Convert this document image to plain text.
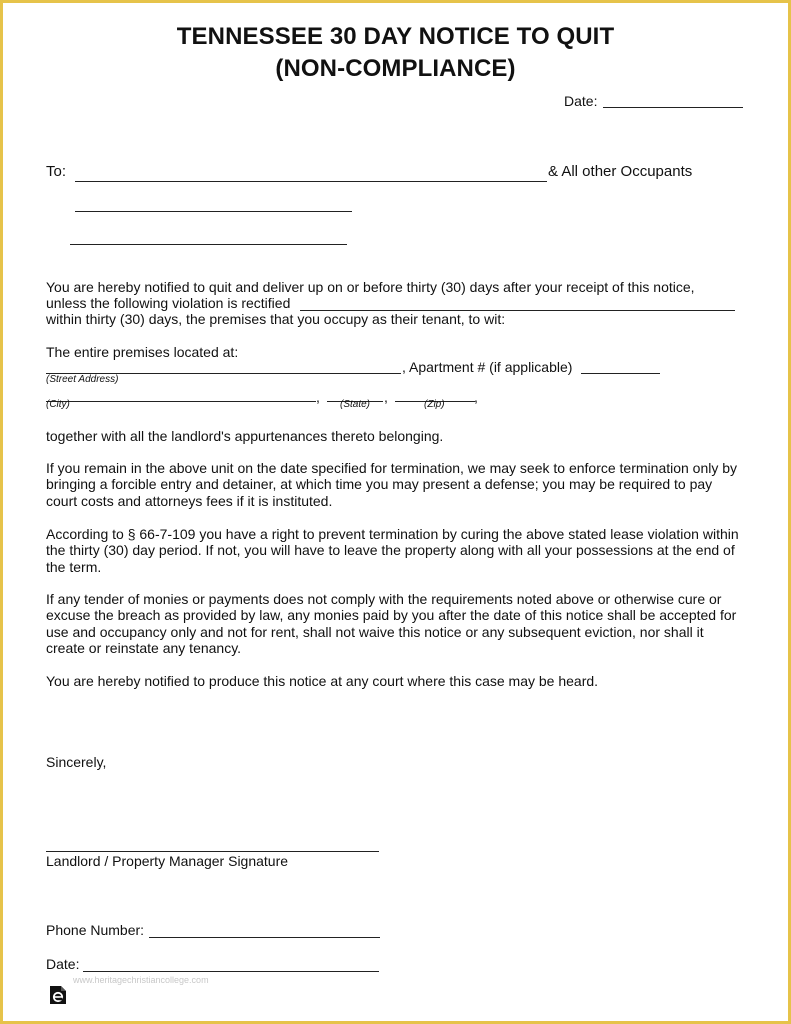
TENNESSEE 30 DAY NOTICE TO QUIT
(NON-COMPLIANCE)
Date:
To:	& All other Occupants
You are hereby notified to quit and deliver up on or before thirty (30) days after your receipt of this notice,
unless the following violation is rectified
within thirty (30) days, the premises that you occupy as their tenant, to wit:
The entire premises located at:
, Apartment # (if applicable)
(Street Address)
(City)	, (State) ,	(Zip) ,
together with all the landlord's appurtenances thereto belonging.
If you remain in the above unit on the date specified for termination, we may seek to enforce termination only by bringing a forcible entry and detainer, at which time you may present a defense; you may be required to pay court costs and attorneys fees if it is instituted.
According to § 66-7-109 you have a right to prevent termination by curing the above stated lease violation within the thirty (30) day period. If not, you will have to leave the property along with all your possessions at the end of the term.
If any tender of monies or payments does not comply with the requirements noted above or otherwise cure or excuse the breach as provided by law, any monies paid by you after the date of this notice shall be accepted for use and occupancy only and not for rent, shall not waive this notice or any subsequent eviction, nor shall it create or reinstate any tenancy.
You are hereby notified to produce this notice at any court where this case may be heard.
Sincerely,
Landlord / Property Manager Signature
Phone Number:
Date:
www.heritagechristiancollege.com
